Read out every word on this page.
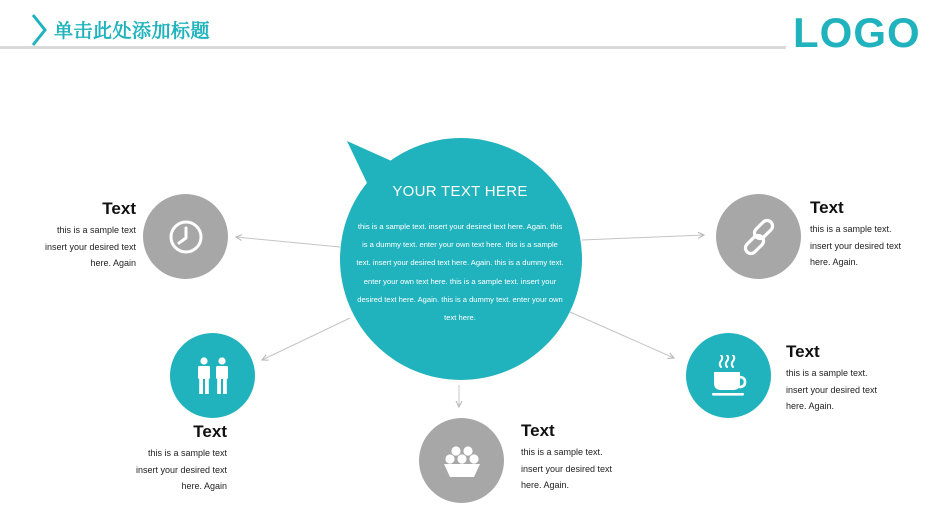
单击此处添加标题	LOGO
YOUR TEXT HERE
this is a sample text. insert your desired text here. Again. this is a dummy text. enter your own text here. this is a sample text. insert your desired text here. Again. this is a dummy text. enter your own text here. this is a sample text. insert your desired text here. Again. this is a dummy text. enter your own text here.
Text
this is a sample text
insert your desired text
here. Again
Text
this is a sample text
insert your desired text
here. Again
Text
this is a sample text.
insert your desired text
here. Again.
Text
this is a sample text.
insert your desired text
here. Again.
Text
this is a sample text.
insert your desired text
here. Again.
